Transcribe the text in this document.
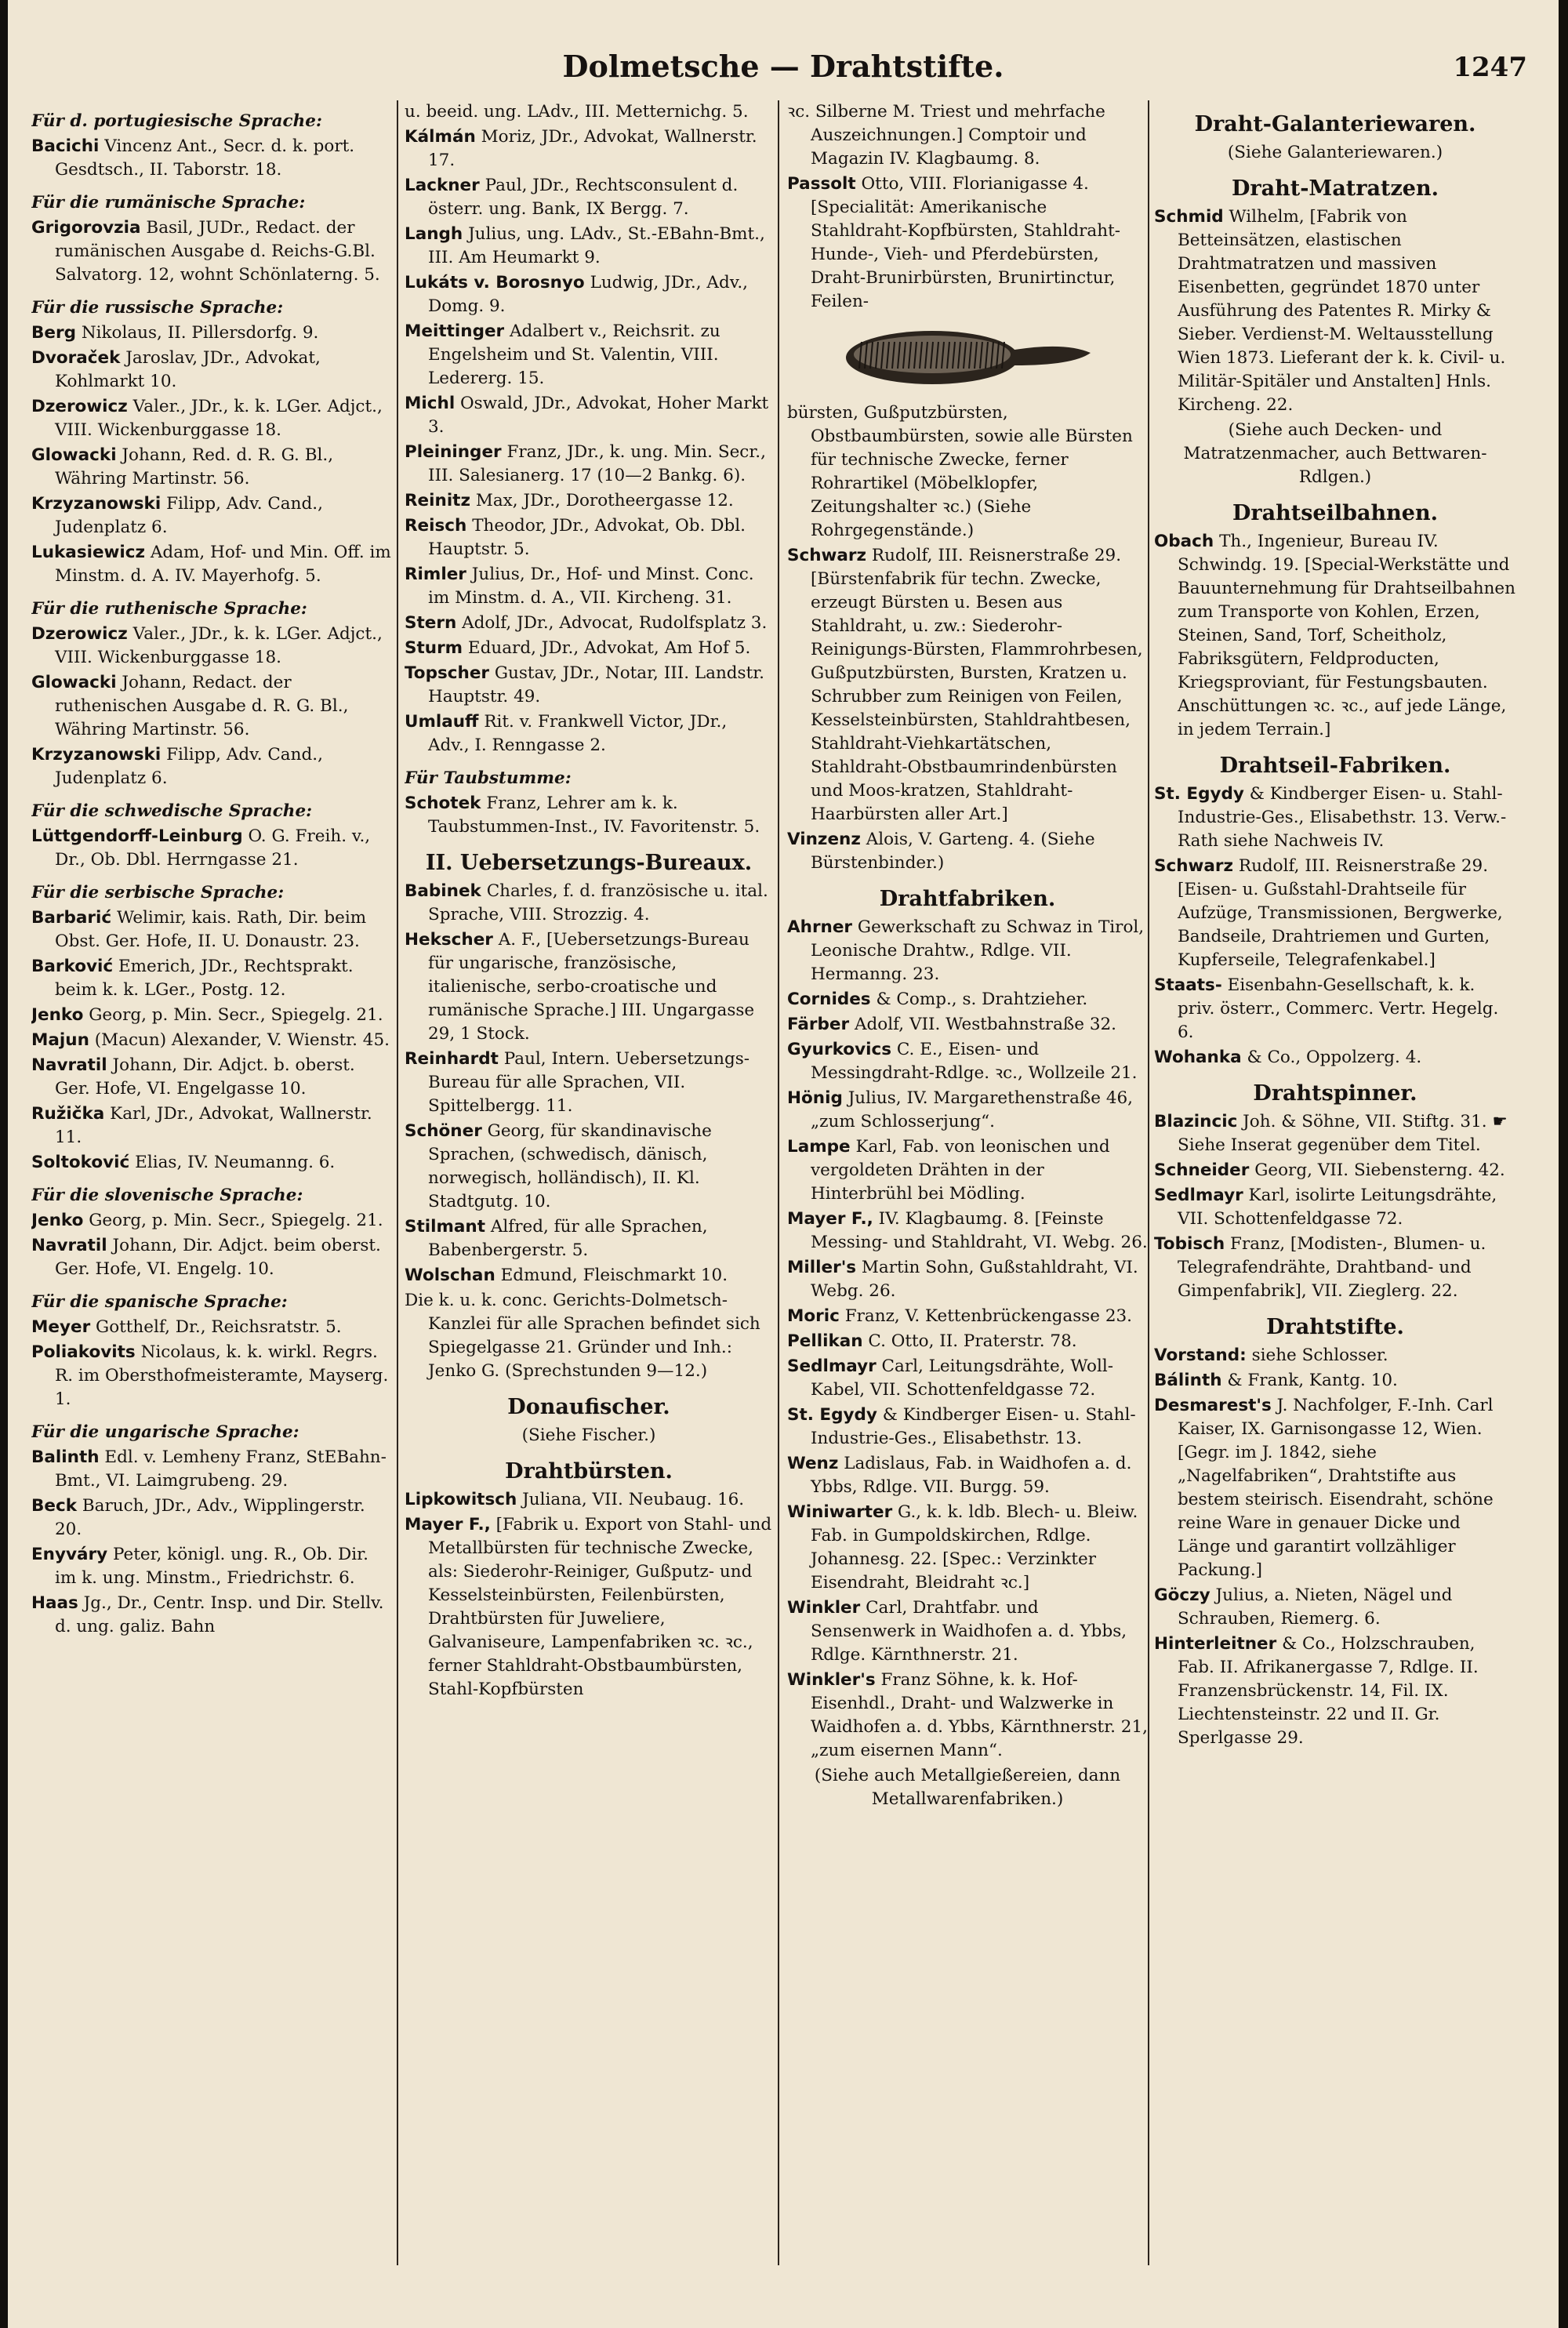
Dolmetsche — Drahtstifte.	1247
Für d. portugiesische Sprache:
Bacichi Vincenz Ant., Secr. d. k. port. Gesdtsch., II. Taborstr. 18.
Für die rumänische Sprache:
Grigorovzia Basil, JUDr., Redact. der rumänischen Ausgabe d. Reichs-G.Bl. Salvatorg. 12, wohnt Schönlaterng. 5.
Für die russische Sprache:
Berg Nikolaus, II. Pillersdorfg. 9.
Dvoraček Jaroslav, JDr., Advokat, Kohlmarkt 10.
Dzerowicz Valer., JDr., k. k. LGer. Adjct., VIII. Wickenburggasse 18.
Glowacki Johann, Red. d. R. G. Bl., Währing Martinstr. 56.
Krzyzanowski Filipp, Adv. Cand., Judenplatz 6.
Lukasiewicz Adam, Hof- und Min. Off. im Minstm. d. A. IV. Mayerhofg. 5.
Für die ruthenische Sprache:
Dzerowicz Valer., JDr., k. k. LGer. Adjct., VIII. Wickenburggasse 18.
Glowacki Johann, Redact. der ruthenischen Ausgabe d. R. G. Bl., Währing Martinstr. 56.
Krzyzanowski Filipp, Adv. Cand., Judenplatz 6.
Für die schwedische Sprache:
Lüttgendorff-Leinburg O. G. Freih. v., Dr., Ob. Dbl. Herrngasse 21.
Für die serbische Sprache:
Barbarić Welimir, kais. Rath, Dir. beim Obst. Ger. Hofe, II. U. Donaustr. 23.
Barković Emerich, JDr., Rechtsprakt. beim k. k. LGer., Postg. 12.
Jenko Georg, p. Min. Secr., Spiegelg. 21.
Majun (Macun) Alexander, V. Wienstr. 45.
Navratil Johann, Dir. Adjct. b. oberst. Ger. Hofe, VI. Engelgasse 10.
Ružička Karl, JDr., Advokat, Wallnerstr. 11.
Soltoković Elias, IV. Neumanng. 6.
Für die slovenische Sprache:
Jenko Georg, p. Min. Secr., Spiegelg. 21.
Navratil Johann, Dir. Adjct. beim oberst. Ger. Hofe, VI. Engelg. 10.
Für die spanische Sprache:
Meyer Gotthelf, Dr., Reichsratstr. 5.
Poliakovits Nicolaus, k. k. wirkl. Regrs. R. im Obersthofmeisteramte, Mayserg. 1.
Für die ungarische Sprache:
Balinth Edl. v. Lemheny Franz, StEBahn-Bmt., VI. Laimgrubeng. 29.
Beck Baruch, JDr., Adv., Wipplingerstr. 20.
Enyváry Peter, königl. ung. R., Ob. Dir. im k. ung. Minstm., Friedrichstr. 6.
Haas Jg., Dr., Centr. Insp. und Dir. Stellv. d. ung. galiz. Bahn
u. beeid. ung. LAdv., III. Metternichg. 5.
Kálmán Moriz, JDr., Advokat, Wallnerstr. 17.
Lackner Paul, JDr., Rechtsconsulent d. österr. ung. Bank, IX Bergg. 7.
Langh Julius, ung. LAdv., St.-EBahn-Bmt., III. Am Heumarkt 9.
Lukáts v. Borosnyo Ludwig, JDr., Adv., Domg. 9.
Meittinger Adalbert v., Reichsrit. zu Engelsheim und St. Valentin, VIII. Ledererg. 15.
Michl Oswald, JDr., Advokat, Hoher Markt 3.
Pleininger Franz, JDr., k. ung. Min. Secr., III. Salesianerg. 17 (10—2 Bankg. 6).
Reinitz Max, JDr., Dorotheergasse 12.
Reisch Theodor, JDr., Advokat, Ob. Dbl. Hauptstr. 5.
Rimler Julius, Dr., Hof- und Minst. Conc. im Minstm. d. A., VII. Kircheng. 31.
Stern Adolf, JDr., Advocat, Rudolfsplatz 3.
Sturm Eduard, JDr., Advokat, Am Hof 5.
Topscher Gustav, JDr., Notar, III. Landstr. Hauptstr. 49.
Umlauff Rit. v. Frankwell Victor, JDr., Adv., I. Renngasse 2.
Für Taubstumme:
Schotek Franz, Lehrer am k. k. Taubstummen-Inst., IV. Favoritenstr. 5.
II. Uebersetzungs-Bureaux.
Babinek Charles, f. d. französische u. ital. Sprache, VIII. Strozzig. 4.
Hekscher A. F., [Uebersetzungs-Bureau für ungarische, französische, italienische, serbo-croatische und rumänische Sprache.] III. Ungargasse 29, 1 Stock.
Reinhardt Paul, Intern. Uebersetzungs-Bureau für alle Sprachen, VII. Spittelbergg. 11.
Schöner Georg, für skandinavische Sprachen, (schwedisch, dänisch, norwegisch, holländisch), II. Kl. Stadtgutg. 10.
Stilmant Alfred, für alle Sprachen, Babenbergerstr. 5.
Wolschan Edmund, Fleischmarkt 10.
Die k. u. k. conc. Gerichts-Dolmetsch-Kanzlei für alle Sprachen befindet sich Spiegelgasse 21. Gründer und Inh.: Jenko G. (Sprechstunden 9—12.)
Donaufischer.
(Siehe Fischer.)
Drahtbürsten.
Lipkowitsch Juliana, VII. Neubaug. 16.
Mayer F., [Fabrik u. Export von Stahl- und Metallbürsten für technische Zwecke, als: Siederohr-Reiniger, Gußputz- und Kesselsteinbürsten, Feilenbürsten, Drahtbürsten für Juweliere, Galvaniseure, Lampenfabriken ꝛc. ꝛc., ferner Stahldraht-Obstbaumbürsten, Stahl-Kopfbürsten
ꝛc. Silberne M. Triest und mehrfache Auszeichnungen.] Comptoir und Magazin IV. Klagbaumg. 8.
Passolt Otto, VIII. Florianigasse 4. [Specialität: Amerikanische Stahldraht-Kopfbürsten, Stahldraht-Hunde-, Vieh- und Pferdebürsten, Draht-Brunirbürsten, Brunirtinctur, Feilen-
bürsten, Gußputzbürsten, Obstbaumbürsten, sowie alle Bürsten für technische Zwecke, ferner Rohrartikel (Möbelklopfer, Zeitungshalter ꝛc.) (Siehe Rohrgegenstände.)
Schwarz Rudolf, III. Reisnerstraße 29. [Bürstenfabrik für techn. Zwecke, erzeugt Bürsten u. Besen aus Stahldraht, u. zw.: Siederohr-Reinigungs-Bürsten, Flammrohrbesen, Gußputzbürsten, Bursten, Kratzen u. Schrubber zum Reinigen von Feilen, Kesselsteinbürsten, Stahldrahtbesen, Stahldraht-Viehkartätschen, Stahldraht-Obstbaumrindenbürsten und Moos-kratzen, Stahldraht-Haarbürsten aller Art.]
Vinzenz Alois, V. Garteng. 4. (Siehe Bürstenbinder.)
Drahtfabriken.
Ahrner Gewerkschaft zu Schwaz in Tirol, Leonische Drahtw., Rdlge. VII. Hermanng. 23.
Cornides & Comp., s. Drahtzieher.
Färber Adolf, VII. Westbahnstraße 32.
Gyurkovics C. E., Eisen- und Messingdraht-Rdlge. ꝛc., Wollzeile 21.
Hönig Julius, IV. Margarethenstraße 46, „zum Schlosserjung“.
Lampe Karl, Fab. von leonischen und vergoldeten Drähten in der Hinterbrühl bei Mödling.
Mayer F., IV. Klagbaumg. 8. [Feinste Messing- und Stahldraht, VI. Webg. 26.
Miller's Martin Sohn, Gußstahldraht, VI. Webg. 26.
Moric Franz, V. Kettenbrückengasse 23.
Pellikan C. Otto, II. Praterstr. 78.
Sedlmayr Carl, Leitungsdrähte, Woll-Kabel, VII. Schottenfeldgasse 72.
St. Egydy & Kindberger Eisen- u. Stahl-Industrie-Ges., Elisabethstr. 13.
Wenz Ladislaus, Fab. in Waidhofen a. d. Ybbs, Rdlge. VII. Burgg. 59.
Winiwarter G., k. k. ldb. Blech- u. Bleiw. Fab. in Gumpoldskirchen, Rdlge. Johannesg. 22. [Spec.: Verzinkter Eisendraht, Bleidraht ꝛc.]
Winkler Carl, Drahtfabr. und Sensenwerk in Waidhofen a. d. Ybbs, Rdlge. Kärnthnerstr. 21.
Winkler's Franz Söhne, k. k. Hof-Eisenhdl., Draht- und Walzwerke in Waidhofen a. d. Ybbs, Kärnthnerstr. 21, „zum eisernen Mann“.
(Siehe auch Metallgießereien, dann Metallwarenfabriken.)
Draht-Galanteriewaren.
(Siehe Galanteriewaren.)
Draht-Matratzen.
Schmid Wilhelm, [Fabrik von Betteinsätzen, elastischen Drahtmatratzen und massiven Eisenbetten, gegründet 1870 unter Ausführung des Patentes R. Mirky & Sieber. Verdienst-M. Weltausstellung Wien 1873. Lieferant der k. k. Civil- u. Militär-Spitäler und Anstalten] Hnls. Kircheng. 22.
(Siehe auch Decken- und Matratzenmacher, auch Bettwaren-Rdlgen.)
Drahtseilbahnen.
Obach Th., Ingenieur, Bureau IV. Schwindg. 19. [Special-Werkstätte und Bauunternehmung für Drahtseilbahnen zum Transporte von Kohlen, Erzen, Steinen, Sand, Torf, Scheitholz, Fabriksgütern, Feldproducten, Kriegsproviant, für Festungsbauten. Anschüttungen ꝛc. ꝛc., auf jede Länge, in jedem Terrain.]
Drahtseil-Fabriken.
St. Egydy & Kindberger Eisen- u. Stahl-Industrie-Ges., Elisabethstr. 13. Verw.-Rath siehe Nachweis IV.
Schwarz Rudolf, III. Reisnerstraße 29. [Eisen- u. Gußstahl-Drahtseile für Aufzüge, Transmissionen, Bergwerke, Bandseile, Drahtriemen und Gurten, Kupferseile, Telegrafenkabel.]
Staats- Eisenbahn-Gesellschaft, k. k. priv. österr., Commerc. Vertr. Hegelg. 6.
Wohanka & Co., Oppolzerg. 4.
Drahtspinner.
Blazincic Joh. & Söhne, VII. Stiftg. 31. ☛ Siehe Inserat gegenüber dem Titel.
Schneider Georg, VII. Siebensterng. 42.
Sedlmayr Karl, isolirte Leitungsdrähte, VII. Schottenfeldgasse 72.
Tobisch Franz, [Modisten-, Blumen- u. Telegrafendrähte, Drahtband- und Gimpenfabrik], VII. Zieglerg. 22.
Drahtstifte.
Vorstand: siehe Schlosser.
Bálinth & Frank, Kantg. 10.
Desmarest's J. Nachfolger, F.-Inh. Carl Kaiser, IX. Garnisongasse 12, Wien. [Gegr. im J. 1842, siehe „Nagelfabriken“, Drahtstifte aus bestem steirisch. Eisendraht, schöne reine Ware in genauer Dicke und Länge und garantirt vollzähliger Packung.]
Göczy Julius, a. Nieten, Nägel und Schrauben, Riemerg. 6.
Hinterleitner & Co., Holzschrauben, Fab. II. Afrikanergasse 7, Rdlge. II. Franzensbrückenstr. 14, Fil. IX. Liechtensteinstr. 22 und II. Gr. Sperlgasse 29.
